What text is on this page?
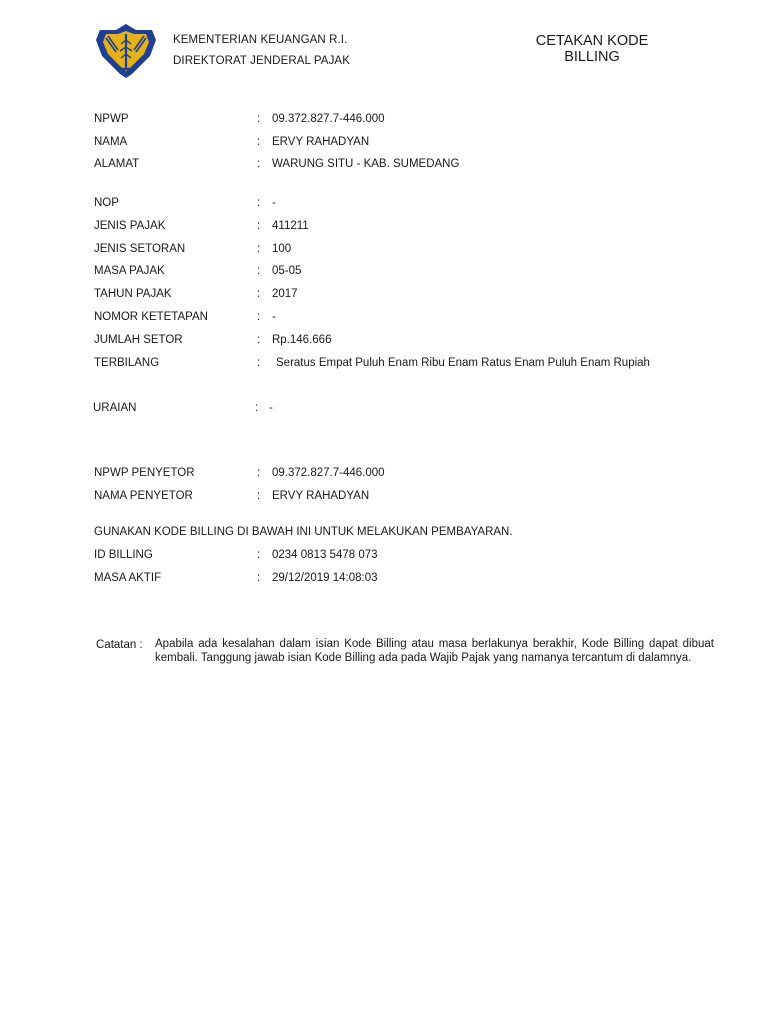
KEMENTERIAN KEUANGAN R.I.
DIREKTORAT JENDERAL PAJAK
CETAKAN KODE
BILLING
NPWP	: 09.372.827.7-446.000
NAMA	: ERVY RAHADYAN
ALAMAT	: WARUNG SITU - KAB. SUMEDANG
NOP	: -
JENIS PAJAK	: 411211
JENIS SETORAN	: 100
MASA PAJAK	: 05-05
TAHUN PAJAK	: 2017
NOMOR KETETAPAN	: -
JUMLAH SETOR	: Rp.146.666
TERBILANG	: Seratus Empat Puluh Enam Ribu Enam Ratus Enam Puluh Enam Rupiah
URAIAN	: -
NPWP PENYETOR	: 09.372.827.7-446.000
NAMA PENYETOR	: ERVY RAHADYAN
GUNAKAN KODE BILLING DI BAWAH INI UNTUK MELAKUKAN PEMBAYARAN.
ID BILLING	: 0234 0813 5478 073
MASA AKTIF	: 29/12/2019 14:08:03
Catatan : Apabila ada kesalahan dalam isian Kode Billing atau masa berlakunya berakhir, Kode Billing dapat dibuat kembali. Tanggung jawab isian Kode Billing ada pada Wajib Pajak yang namanya tercantum di dalamnya.
